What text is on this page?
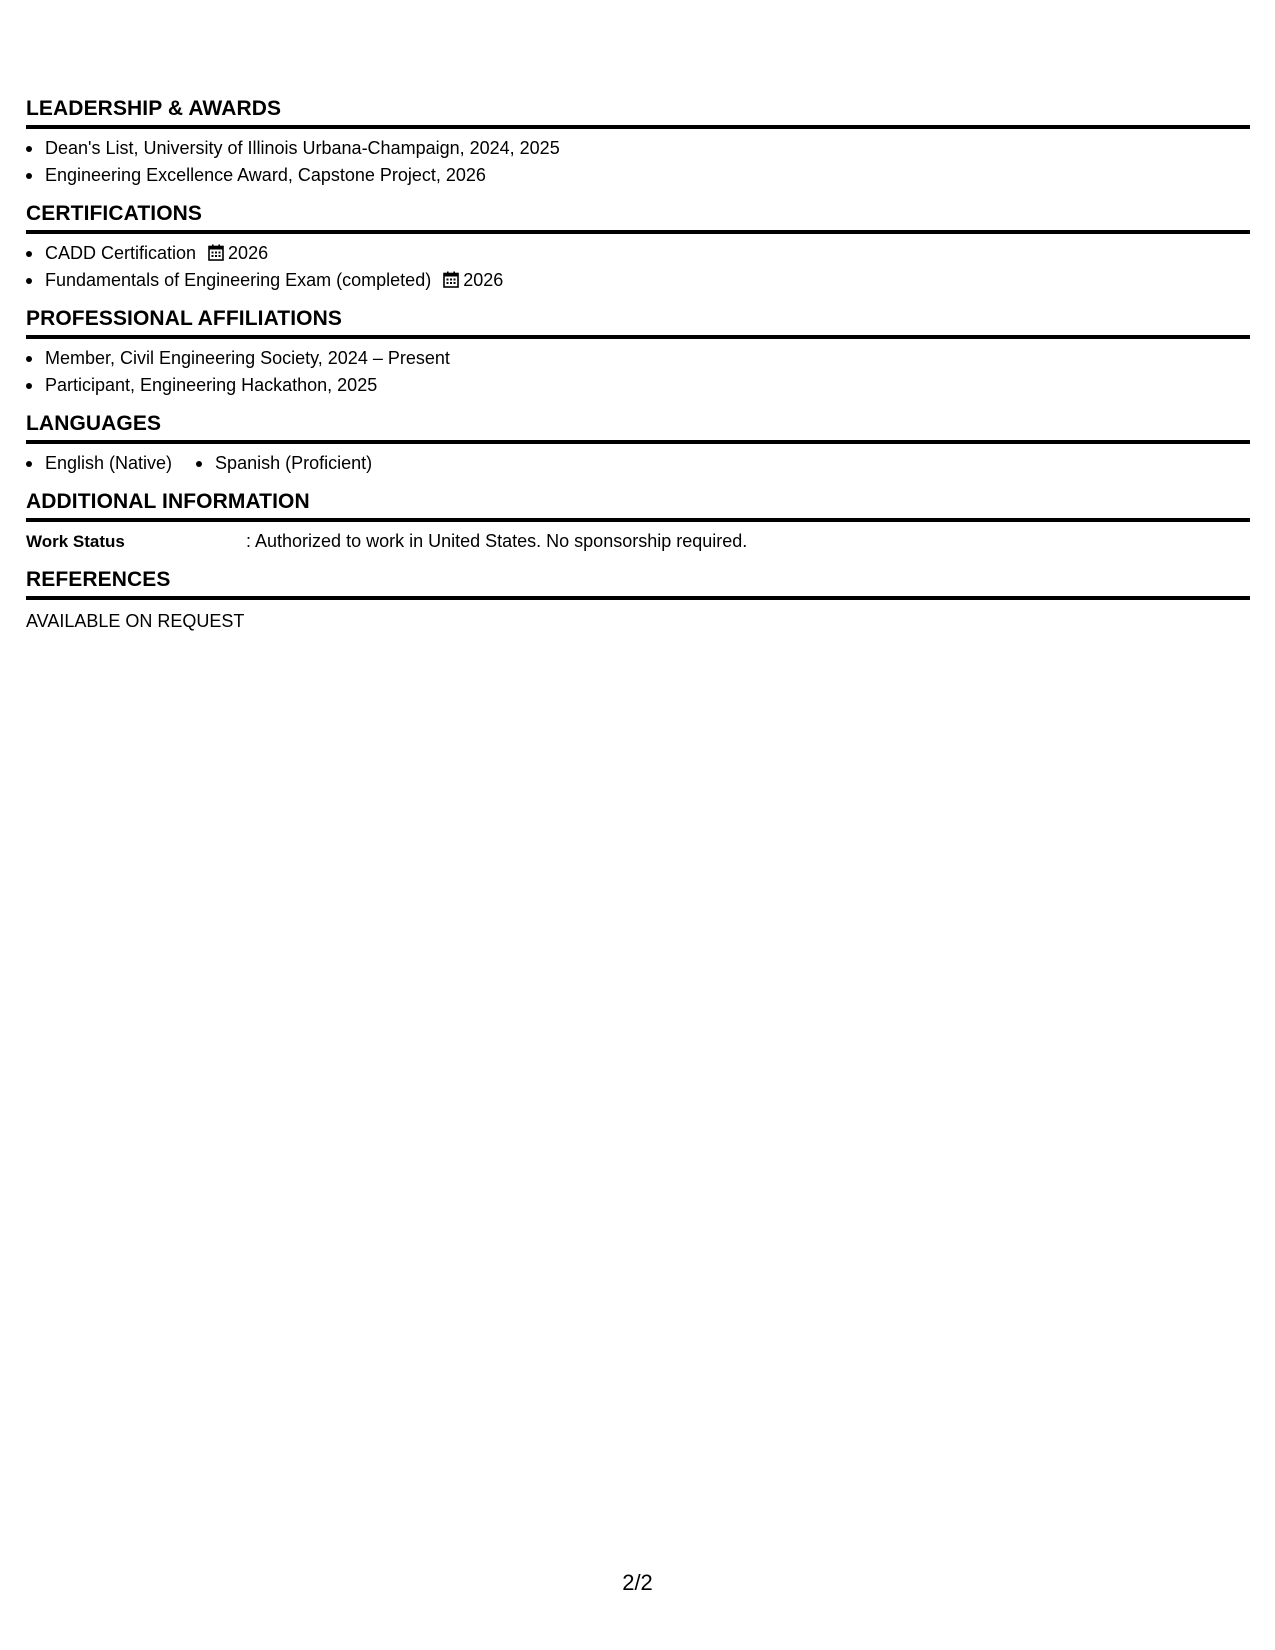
LEADERSHIP & AWARDS
Dean's List, University of Illinois Urbana-Champaign, 2024, 2025
Engineering Excellence Award, Capstone Project, 2026
CERTIFICATIONS
CADD Certification 2026
Fundamentals of Engineering Exam (completed) 2026
PROFESSIONAL AFFILIATIONS
Member, Civil Engineering Society, 2024 – Present
Participant, Engineering Hackathon, 2025
LANGUAGES
English (Native)	Spanish (Proficient)
ADDITIONAL INFORMATION
Work Status	: Authorized to work in United States. No sponsorship required.
REFERENCES
AVAILABLE ON REQUEST
2/2
